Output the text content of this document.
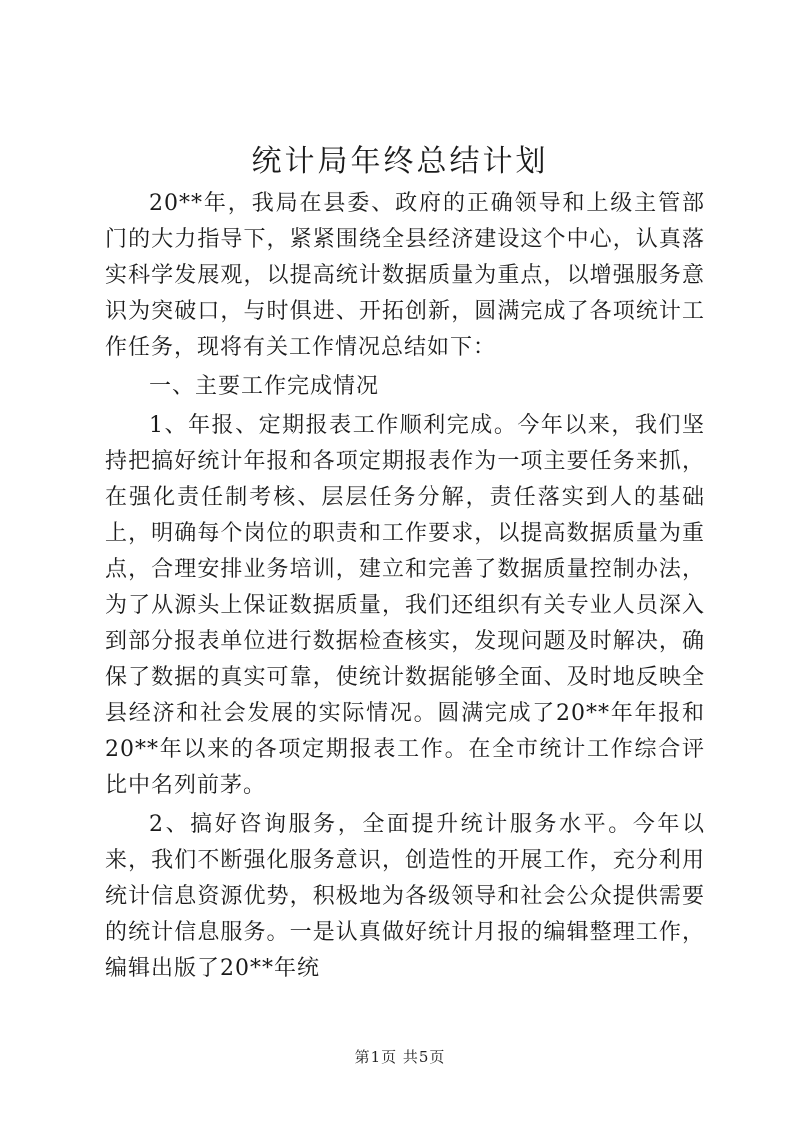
统计局年终总结计划

20**年，我局在县委、政府的正确领导和上级主管部门的大力指导下，紧紧围绕全县经济建设这个中心，认真落实科学发展观，以提高统计数据质量为重点，以增强服务意识为突破口，与时俱进、开拓创新，圆满完成了各项统计工作任务，现将有关工作情况总结如下：

一、主要工作完成情况

1、年报、定期报表工作顺利完成。今年以来，我们坚持把搞好统计年报和各项定期报表作为一项主要任务来抓，在强化责任制考核、层层任务分解，责任落实到人的基础上，明确每个岗位的职责和工作要求，以提高数据质量为重点，合理安排业务培训，建立和完善了数据质量控制办法，为了从源头上保证数据质量，我们还组织有关专业人员深入到部分报表单位进行数据检查核实，发现问题及时解决，确保了数据的真实可靠，使统计数据能够全面、及时地反映全县经济和社会发展的实际情况。圆满完成了20**年年报和20**年以来的各项定期报表工作。在全市统计工作综合评比中名列前茅。

2、搞好咨询服务，全面提升统计服务水平。今年以来，我们不断强化服务意识，创造性的开展工作，充分利用统计信息资源优势，积极地为各级领导和社会公众提供需要的统计信息服务。一是认真做好统计月报的编辑整理工作，编辑出版了20**年统

第1页 共5页
